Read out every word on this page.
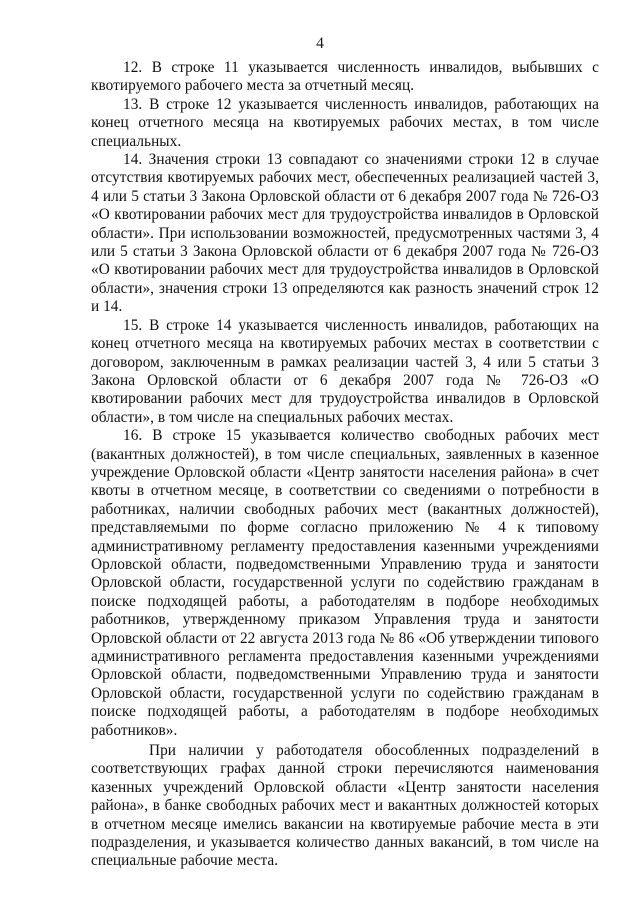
4

12. В строке 11 указывается численность инвалидов, выбывших с квотируемого рабочего места за отчетный месяц.

13. В строке 12 указывается численность инвалидов, работающих на конец отчетного месяца на квотируемых рабочих местах, в том числе специальных.

14. Значения строки 13 совпадают со значениями строки 12 в случае отсутствия квотируемых рабочих мест, обеспеченных реализацией частей 3, 4 или 5 статьи 3 Закона Орловской области от 6 декабря 2007 года № 726-ОЗ «О квотировании рабочих мест для трудоустройства инвалидов в Орловской области». При использовании возможностей, предусмотренных частями 3, 4 или 5 статьи 3 Закона Орловской области от 6 декабря 2007 года № 726-ОЗ «О квотировании рабочих мест для трудоустройства инвалидов в Орловской области», значения строки 13 определяются как разность значений строк 12 и 14.

15. В строке 14 указывается численность инвалидов, работающих на конец отчетного месяца на квотируемых рабочих местах в соответствии с договором, заключенным в рамках реализации частей 3, 4 или 5 статьи 3 Закона Орловской области от 6 декабря 2007 года № 726-ОЗ «О квотировании рабочих мест для трудоустройства инвалидов в Орловской области», в том числе на специальных рабочих местах.

16. В строке 15 указывается количество свободных рабочих мест (вакантных должностей), в том числе специальных, заявленных в казенное учреждение Орловской области «Центр занятости населения района» в счет квоты в отчетном месяце, в соответствии со сведениями о потребности в работниках, наличии свободных рабочих мест (вакантных должностей), представляемыми по форме согласно приложению № 4 к типовому административному регламенту предоставления казенными учреждениями Орловской области, подведомственными Управлению труда и занятости Орловской области, государственной услуги по содействию гражданам в поиске подходящей работы, а работодателям в подборе необходимых работников, утвержденному приказом Управления труда и занятости Орловской области от 22 августа 2013 года № 86 «Об утверждении типового административного регламента предоставления казенными учреждениями Орловской области, подведомственными Управлению труда и занятости Орловской области, государственной услуги по содействию гражданам в поиске подходящей работы, а работодателям в подборе необходимых работников».

При наличии у работодателя обособленных подразделений в соответствующих графах данной строки перечисляются наименования казенных учреждений Орловской области «Центр занятости населения района», в банке свободных рабочих мест и вакантных должностей которых в отчетном месяце имелись вакансии на квотируемые рабочие места в эти подразделения, и указывается количество данных вакансий, в том числе на специальные рабочие места.
